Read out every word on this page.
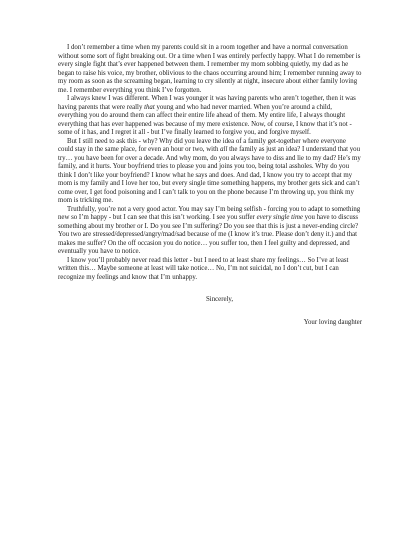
I don’t remember a time when my parents could sit in a room together and have a normal conversation without some sort of fight breaking out. Or a time when I was entirely perfectly happy. What I do remember is every single fight that’s ever happened between them. I remember my mom sobbing quietly, my dad as he began to raise his voice, my brother, oblivious to the chaos occurring around him; I remember running away to my room as soon as the screaming began, learning to cry silently at night, insecure about either family loving me. I remember everything you think I’ve forgotten.

I always knew I was different. When I was younger it was having parents who aren’t together, then it was having parents that were really that young and who had never married. When you’re around a child, everything you do around them can affect their entire life ahead of them. My entire life, I always thought everything that has ever happened was because of my mere existence. Now, of course, I know that it’s not - some of it has, and I regret it all - but I’ve finally learned to forgive you, and forgive myself.

But I still need to ask this - why? Why did you leave the idea of a family get-together where everyone could stay in the same place, for even an hour or two, with all the family as just an idea? I understand that you try… you have been for over a decade. And why mom, do you always have to diss and lie to my dad? He’s my family, and it hurts. Your boyfriend tries to please you and joins you too, being total assholes. Why do you think I don’t like your boyfriend? I know what he says and does. And dad, I know you try to accept that my mom is my family and I love her too, but every single time something happens, my brother gets sick and can’t come over, I get food poisoning and I can’t talk to you on the phone because I’m throwing up, you think my mom is tricking me.

Truthfully, you’re not a very good actor. You may say I’m being selfish - forcing you to adapt to something new so I’m happy - but I can see that this isn’t working. I see you suffer every single time you have to discuss something about my brother or I. Do you see I’m suffering? Do you see that this is just a never-ending circle? You two are stressed/depressed/angry/mad/sad because of me (I know it’s true. Please don’t deny it.) and that makes me suffer? On the off occasion you do notice… you suffer too, then I feel guilty and depressed, and eventually you have to notice.

I know you’ll probably never read this letter - but I need to at least share my feelings… So I’ve at least written this… Maybe someone at least will take notice… No, I’m not suicidal, no I don’t cut, but I can recognize my feelings and know that I’m unhappy.

Sincerely,

Your loving daughter
